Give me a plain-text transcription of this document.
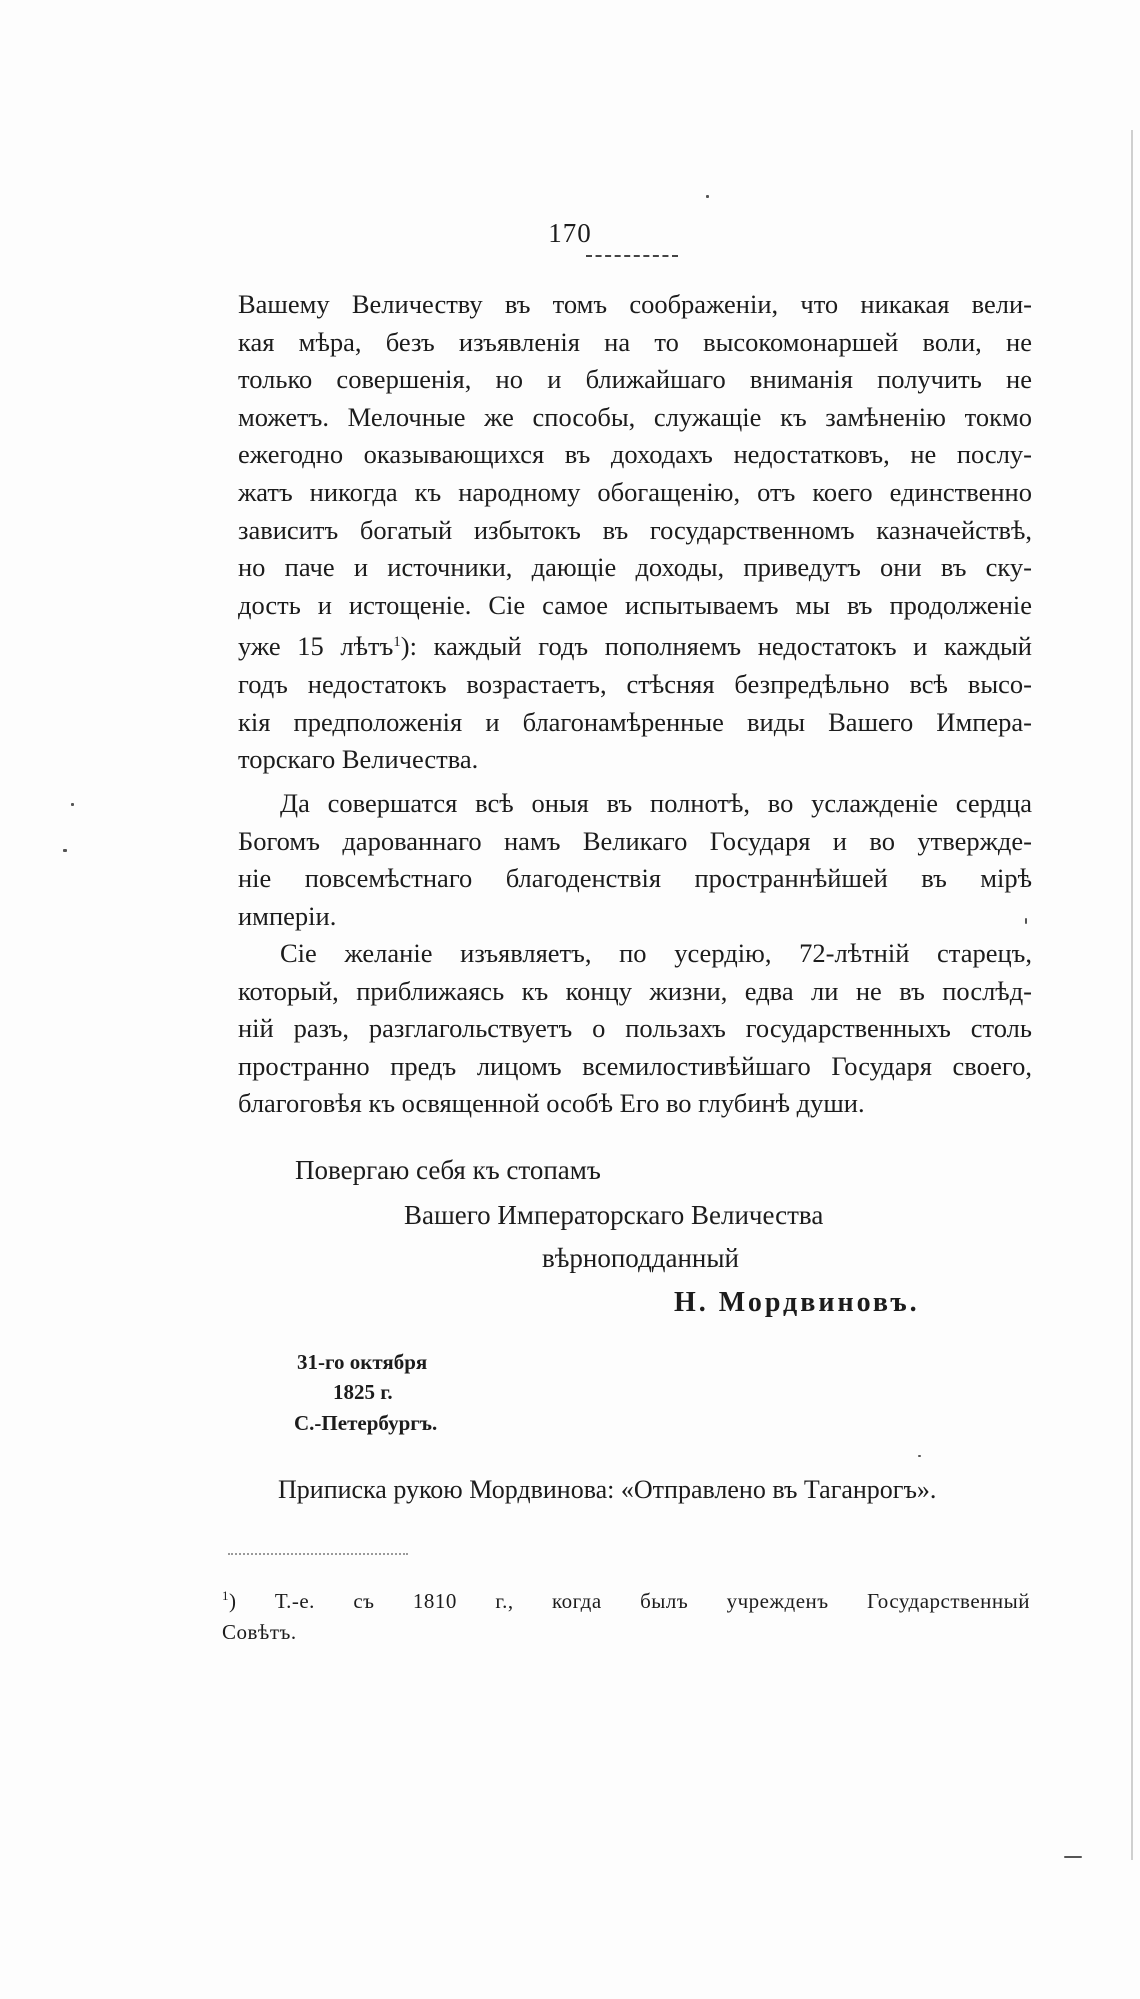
170
Вашему Величеству въ томъ соображеніи, что никакая вели-
кая мѣра, безъ изъявленія на то высокомонаршей воли, не
только совершенія, но и ближайшаго вниманія получить не
можетъ. Мелочные же способы, служащіе къ замѣненію токмо
ежегодно оказывающихся въ доходахъ недостатковъ, не послу-
жатъ никогда къ народному обогащенію, отъ коего единственно
зависитъ богатый избытокъ въ государственномъ казначействѣ,
но паче и источники, дающіе доходы, приведутъ они въ ску-
дость и истощеніе. Сіе самое испытываемъ мы въ продолженіе
уже 15 лѣтъ$^1$): каждый годъ пополняемъ недостатокъ и каждый
годъ недостатокъ возрастаетъ, стѣсняя безпредѣльно всѣ высо-
кія предположенія и благонамѣренные виды Вашего Импера-
торскаго Величества.
Да совершатся всѣ оныя въ полнотѣ, во услажденіе сердца
Богомъ дарованнаго намъ Великаго Государя и во утвержде-
ніе повсемѣстнаго благоденствія пространнѣйшей въ мірѣ
имперіи.
Сіе желаніе изъявляетъ, по усердію, 72-лѣтній старецъ,
который, приближаясь къ концу жизни, едва ли не въ послѣд-
ній разъ, разглагольствуетъ о пользахъ государственныхъ столь
пространно предъ лицомъ всемилостивѣйшаго Государя своего,
благоговѣя къ освященной особѣ Его во глубинѣ души.
Повергаю себя къ стопамъ
Вашего Императорскаго Величества
вѣрноподданный
Н. Мордвиновъ.
31-го октября
1825 г.
С.-Петербургъ.
Приписка рукою Мордвинова: «Отправлено въ Таганрогъ».
$^1$) Т.-е. съ 1810 г., когда былъ учрежденъ Государственный
Совѣтъ.
